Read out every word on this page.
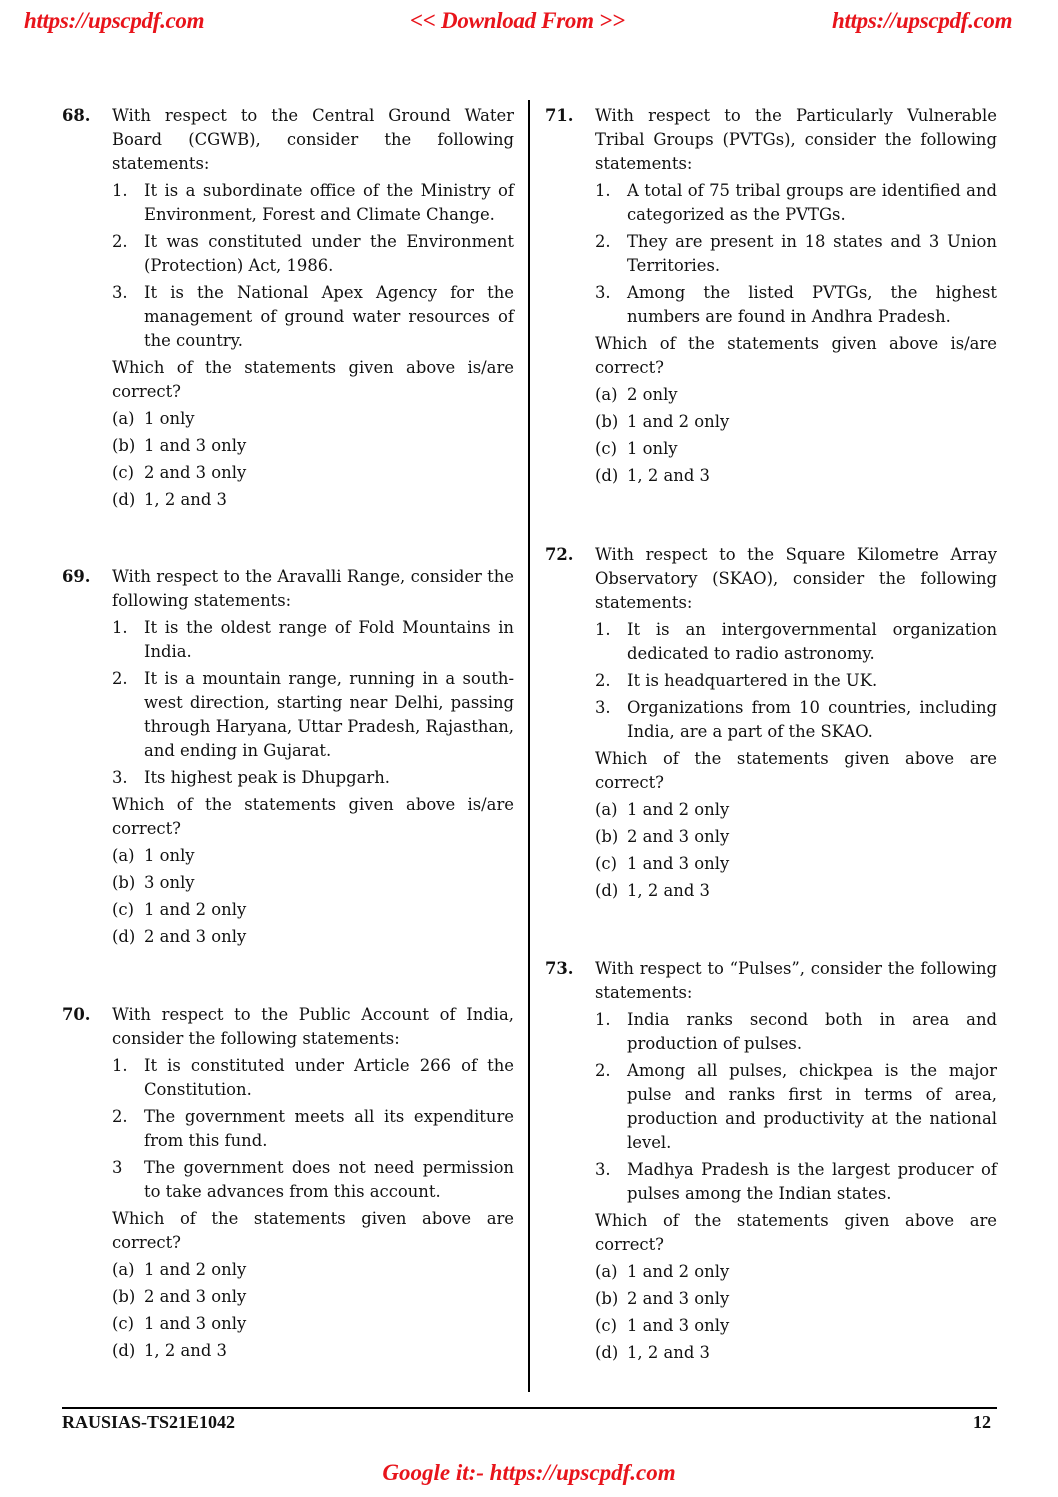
https://upscpdf.com	<< Download From >>	https://upscpdf.com
68. With respect to the Central Ground Water Board (CGWB), consider the following statements:
1. It is a subordinate office of the Ministry of Environment, Forest and Climate Change.
2. It was constituted under the Environment (Protection) Act, 1986.
3. It is the National Apex Agency for the management of ground water resources of the country.
Which of the statements given above is/are correct?
(a) 1 only
(b) 1 and 3 only
(c) 2 and 3 only
(d) 1, 2 and 3
69. With respect to the Aravalli Range, consider the following statements:
1. It is the oldest range of Fold Mountains in India.
2. It is a mountain range, running in a south-west direction, starting near Delhi, passing through Haryana, Uttar Pradesh, Rajasthan, and ending in Gujarat.
3. Its highest peak is Dhupgarh.
Which of the statements given above is/are correct?
(a) 1 only
(b) 3 only
(c) 1 and 2 only
(d) 2 and 3 only
70. With respect to the Public Account of India, consider the following statements:
1. It is constituted under Article 266 of the Constitution.
2. The government meets all its expenditure from this fund.
3 The government does not need permission to take advances from this account.
Which of the statements given above are correct?
(a) 1 and 2 only
(b) 2 and 3 only
(c) 1 and 3 only
(d) 1, 2 and 3
71. With respect to the Particularly Vulnerable Tribal Groups (PVTGs), consider the following statements:
1. A total of 75 tribal groups are identified and categorized as the PVTGs.
2. They are present in 18 states and 3 Union Territories.
3. Among the listed PVTGs, the highest numbers are found in Andhra Pradesh.
Which of the statements given above is/are correct?
(a) 2 only
(b) 1 and 2 only
(c) 1 only
(d) 1, 2 and 3
72. With respect to the Square Kilometre Array Observatory (SKAO), consider the following statements:
1. It is an intergovernmental organization dedicated to radio astronomy.
2. It is headquartered in the UK.
3. Organizations from 10 countries, including India, are a part of the SKAO.
Which of the statements given above are correct?
(a) 1 and 2 only
(b) 2 and 3 only
(c) 1 and 3 only
(d) 1, 2 and 3
73. With respect to “Pulses”, consider the following statements:
1. India ranks second both in area and production of pulses.
2. Among all pulses, chickpea is the major pulse and ranks first in terms of area, production and productivity at the national level.
3. Madhya Pradesh is the largest producer of pulses among the Indian states.
Which of the statements given above are correct?
(a) 1 and 2 only
(b) 2 and 3 only
(c) 1 and 3 only
(d) 1, 2 and 3
RAUSIAS-TS21E1042	12
Google it:- https://upscpdf.com
